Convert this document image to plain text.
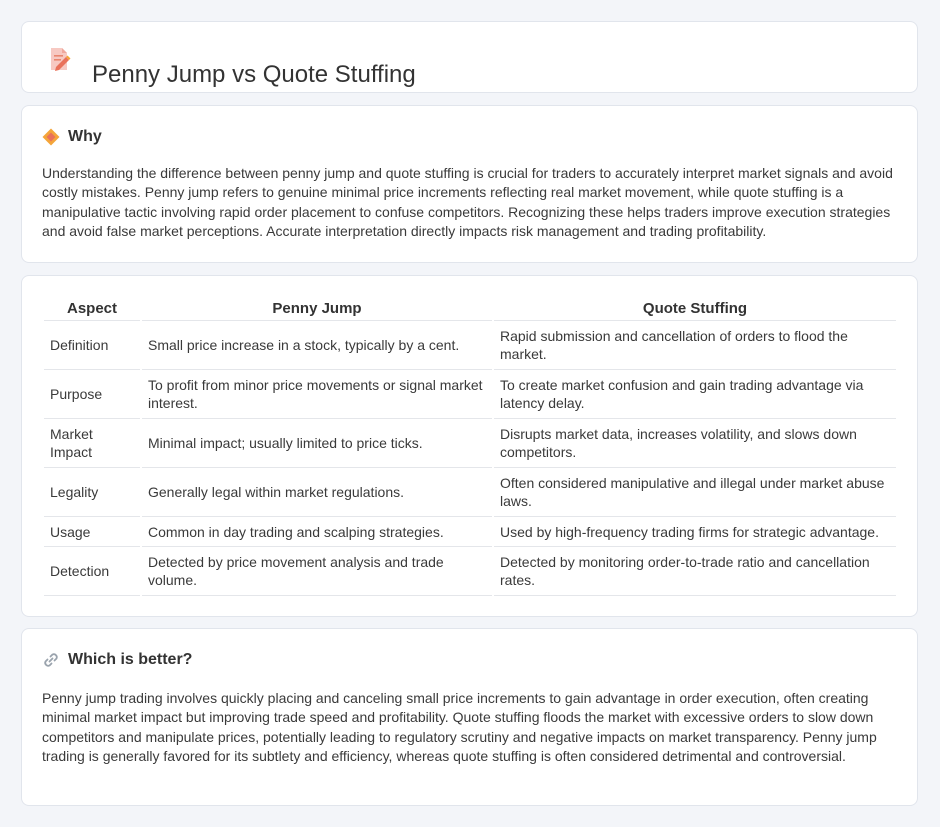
Penny Jump vs Quote Stuffing
Why

Understanding the difference between penny jump and quote stuffing is crucial for traders to accurately interpret market signals and avoid costly mistakes. Penny jump refers to genuine minimal price increments reflecting real market movement, while quote stuffing is a manipulative tactic involving rapid order placement to confuse competitors. Recognizing these helps traders improve execution strategies and avoid false market perceptions. Accurate interpretation directly impacts risk management and trading profitability.

Aspect	Penny Jump	Quote Stuffing
Definition	Small price increase in a stock, typically by a cent.	Rapid submission and cancellation of orders to flood the market.
Purpose	To profit from minor price movements or signal market interest.	To create market confusion and gain trading advantage via latency delay.
Market Impact	Minimal impact; usually limited to price ticks.	Disrupts market data, increases volatility, and slows down competitors.
Legality	Generally legal within market regulations.	Often considered manipulative and illegal under market abuse laws.
Usage	Common in day trading and scalping strategies.	Used by high-frequency trading firms for strategic advantage.
Detection	Detected by price movement analysis and trade volume.	Detected by monitoring order-to-trade ratio and cancellation rates.
Which is better?

Penny jump trading involves quickly placing and canceling small price increments to gain advantage in order execution, often creating minimal market impact but improving trade speed and profitability. Quote stuffing floods the market with excessive orders to slow down competitors and manipulate prices, potentially leading to regulatory scrutiny and negative impacts on market transparency. Penny jump trading is generally favored for its subtlety and efficiency, whereas quote stuffing is often considered detrimental and controversial.
